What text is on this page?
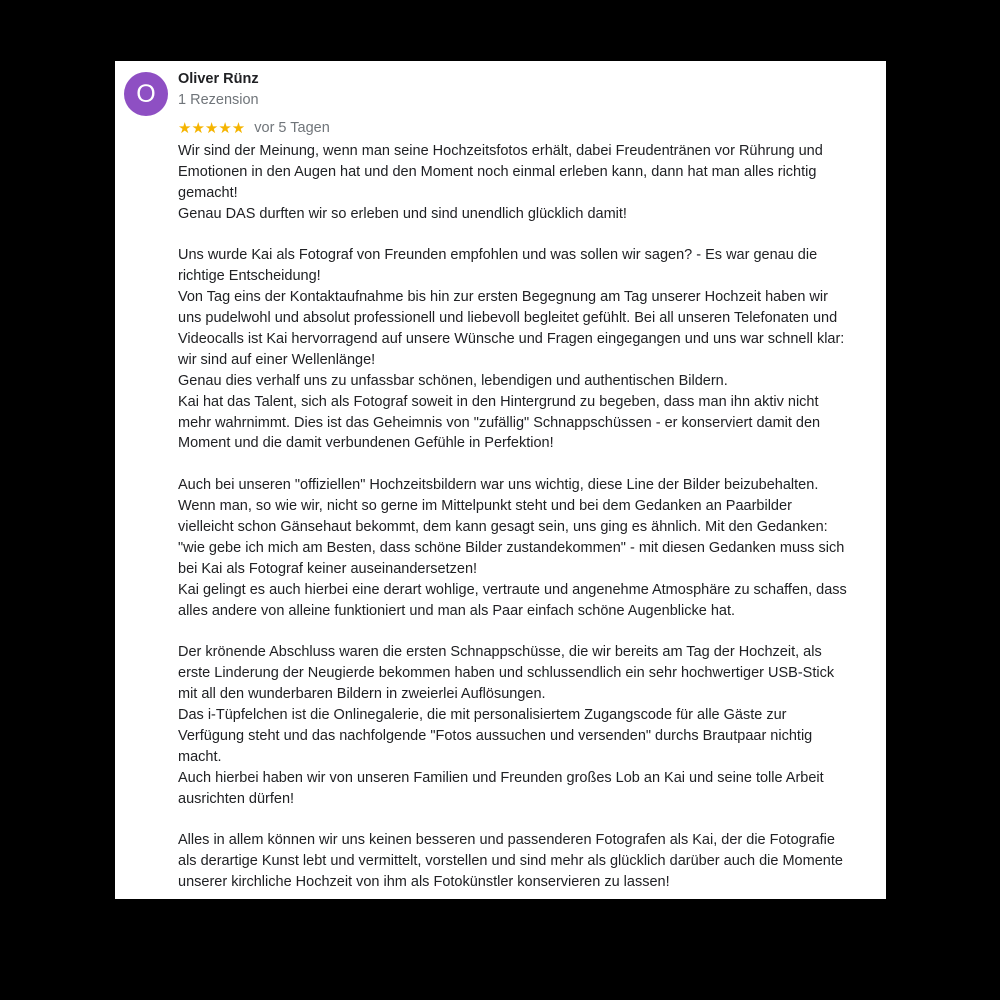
O
Oliver Rünz
1 Rezension
★★★★★ vor 5 Tagen
Wir sind der Meinung, wenn man seine Hochzeitsfotos erhält, dabei Freudentränen vor Rührung und
Emotionen in den Augen hat und den Moment noch einmal erleben kann, dann hat man alles richtig
gemacht!
Genau DAS durften wir so erleben und sind unendlich glücklich damit!
Uns wurde Kai als Fotograf von Freunden empfohlen und was sollen wir sagen? - Es war genau die
richtige Entscheidung!
Von Tag eins der Kontaktaufnahme bis hin zur ersten Begegnung am Tag unserer Hochzeit haben wir
uns pudelwohl und absolut professionell und liebevoll begleitet gefühlt. Bei all unseren Telefonaten und
Videocalls ist Kai hervorragend auf unsere Wünsche und Fragen eingegangen und uns war schnell klar:
wir sind auf einer Wellenlänge!
Genau dies verhalf uns zu unfassbar schönen, lebendigen und authentischen Bildern.
Kai hat das Talent, sich als Fotograf soweit in den Hintergrund zu begeben, dass man ihn aktiv nicht
mehr wahrnimmt. Dies ist das Geheimnis von "zufällig" Schnappschüssen - er konserviert damit den
Moment und die damit verbundenen Gefühle in Perfektion!
Auch bei unseren "offiziellen" Hochzeitsbildern war uns wichtig, diese Line der Bilder beizubehalten.
Wenn man, so wie wir, nicht so gerne im Mittelpunkt steht und bei dem Gedanken an Paarbilder
vielleicht schon Gänsehaut bekommt, dem kann gesagt sein, uns ging es ähnlich. Mit den Gedanken:
"wie gebe ich mich am Besten, dass schöne Bilder zustandekommen" - mit diesen Gedanken muss sich
bei Kai als Fotograf keiner auseinandersetzen!
Kai gelingt es auch hierbei eine derart wohlige, vertraute und angenehme Atmosphäre zu schaffen, dass
alles andere von alleine funktioniert und man als Paar einfach schöne Augenblicke hat.
Der krönende Abschluss waren die ersten Schnappschüsse, die wir bereits am Tag der Hochzeit, als
erste Linderung der Neugierde bekommen haben und schlussendlich ein sehr hochwertiger USB-Stick
mit all den wunderbaren Bildern in zweierlei Auflösungen.
Das i-Tüpfelchen ist die Onlinegalerie, die mit personalisiertem Zugangscode für alle Gäste zur
Verfügung steht und das nachfolgende "Fotos aussuchen und versenden" durchs Brautpaar nichtig
macht.
Auch hierbei haben wir von unseren Familien und Freunden großes Lob an Kai und seine tolle Arbeit
ausrichten dürfen!
Alles in allem können wir uns keinen besseren und passenderen Fotografen als Kai, der die Fotografie
als derartige Kunst lebt und vermittelt, vorstellen und sind mehr als glücklich darüber auch die Momente
unserer kirchliche Hochzeit von ihm als Fotokünstler konservieren zu lassen!
